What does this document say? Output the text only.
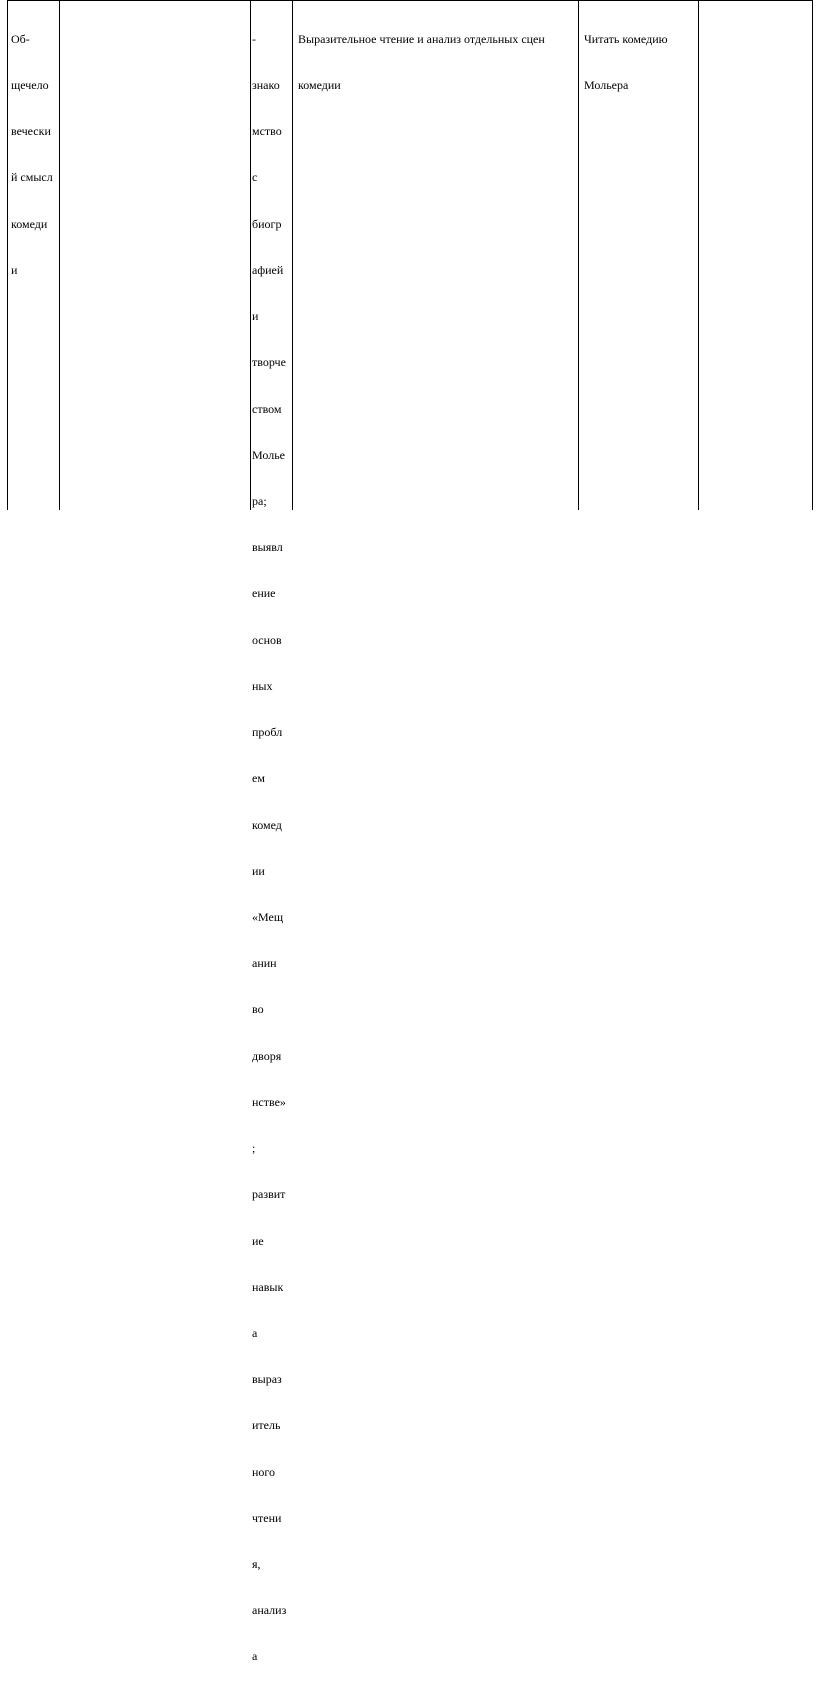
Об-

щечело

вечески

й смысл

комеди

и

-

знако

мство

с

биогр

афией

и

творче

ством

Молье

ра;

выявл

ение

основ

ных

пробл

ем

комед

ии

«Мещ

анин

во

дворя

нстве»

;

развит

ие

навык

а

выраз

итель

ного

чтени

я,

анализ

а

Выразительное чтение и анализ отдельных сцен

комедии

Читать комедию

Мольера
